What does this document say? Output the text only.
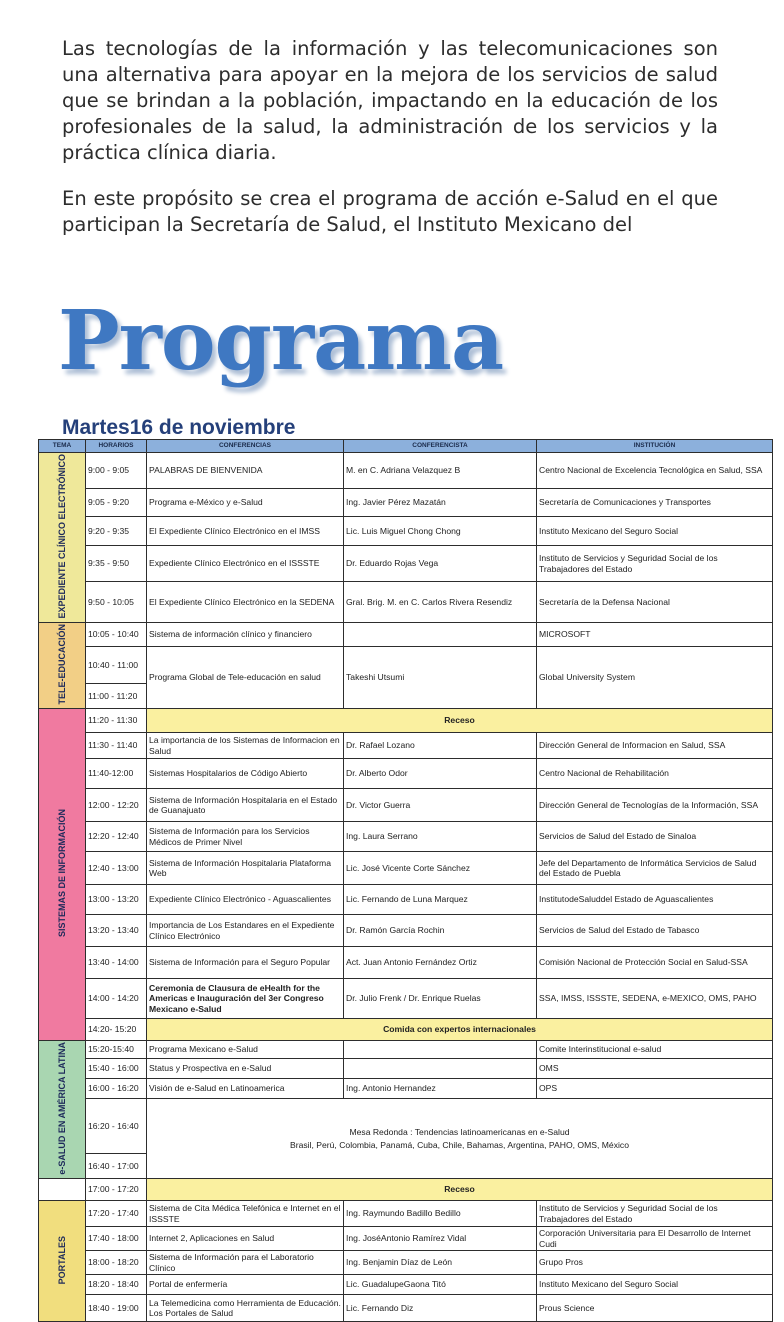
Las tecnologías de la información y las telecomunicaciones son una alternativa para apoyar en la mejora de los servicios de salud que se brindan a la población, impactando en la educación de los profesionales de la salud, la administración de los servicios y la práctica clínica diaria.

En este propósito se crea el programa de acción e-Salud en el que participan la Secretaría de Salud, el Instituto Mexicano del

Programa
Martes16 de noviembre
TEMA	HORARIOS	CONFERENCIAS	CONFERENCISTA	INSTITUCIÓN
EXPEDIENTE CLÍNICO ELECTRÓNICO	9:00 - 9:05	PALABRAS DE BIENVENIDA	M. en C. Adriana Velazquez B	Centro Nacional de Excelencia Tecnológica en Salud, SSA
	9:05 - 9:20	Programa e-México y e-Salud	Ing. Javier Pérez Mazatán	Secretaría de Comunicaciones y Transportes
	9:20 - 9:35	El Expediente Clínico Electrónico en el IMSS	Lic. Luis Miguel Chong Chong	Instituto Mexicano del Seguro Social
	9:35 - 9:50	Expediente Clínico Electrónico en el ISSSTE	Dr. Eduardo Rojas Vega	Instituto de Servicios y Seguridad Social de los Trabajadores del Estado
	9:50 - 10:05	El Expediente Clínico Electrónico en la SEDENA	Gral. Brig. M. en C. Carlos Rivera Resendiz	Secretaría de la Defensa Nacional
TELE-EDUCACIÓN	10:05 - 10:40	Sistema de información clínico y financiero		MICROSOFT
	10:40 - 11:00	Programa Global de Tele-educación en salud	Takeshi Utsumi	Global University System
	11:00 - 11:20			
SISTEMAS DE INFORMACIÓN	11:20 - 11:30	Receso		
	11:30 - 11:40	La importancia de los Sistemas de Informacion en Salud	Dr. Rafael Lozano	Dirección General de Informacion en Salud, SSA
	11:40-12:00	Sistemas Hospitalarios de Código Abierto	Dr. Alberto Odor	Centro Nacional de Rehabilitación
	12:00 - 12:20	Sistema de Información Hospitalaria en el Estado de Guanajuato	Dr. Victor Guerra	Dirección General de Tecnologías de la Información, SSA
	12:20 - 12:40	Sistema de Información para los Servicios Médicos de Primer Nivel	Ing. Laura Serrano	Servicios de Salud del Estado de Sinaloa
	12:40 - 13:00	Sistema de Información Hospitalaria Plataforma Web	Lic. José Vicente Corte Sánchez	Jefe del Departamento de Informática Servicios de Salud del Estado de Puebla
	13:00 - 13:20	Expediente Clínico Electrónico - Aguascalientes	Lic. Fernando de Luna Marquez	InstitutodeSaluddel Estado de Aguascalientes
	13:20 - 13:40	Importancia de Los Estandares en el Expediente Clínico Electrónico	Dr. Ramón García Rochin	Servicios de Salud del Estado de Tabasco
	13:40 - 14:00	Sistema de Información para el Seguro Popular	Act. Juan Antonio Fernández Ortiz	Comisión Nacional de Protección Social en Salud-SSA
	14:00 - 14:20	Ceremonia de Clausura de eHealth for the Americas e Inauguración del 3er Congreso Mexicano e-Salud	Dr. Julio Frenk / Dr. Enrique Ruelas	SSA, IMSS, ISSSTE, SEDENA, e-MEXICO, OMS, PAHO
	14:20- 15:20	Comida con expertos internacionales		
e-SALUD EN AMÉRICA LATINA	15:20-15:40	Programa Mexicano e-Salud		Comite Interinstitucional e-salud
	15:40 - 16:00	Status y Prospectiva en e-Salud		OMS
	16:00 - 16:20	Visión de e-Salud en Latinoamerica	Ing. Antonio Hernandez	OPS
	16:20 - 16:40	Mesa Redonda : Tendencias latinoamericanas en e-Salud
Brasil, Perú, Colombia, Panamá, Cuba, Chile, Bahamas, Argentina, PAHO, OMS, México		

	16:40 - 17:00			
	17:00 - 17:20	Receso		
PORTALES	17:20 - 17:40	Sistema de Cita Médica Telefónica e Internet en el ISSSTE	Ing. Raymundo Badillo Bedillo	Instituto de Servicios y Seguridad Social de los Trabajadores del Estado
	17:40 - 18:00	Internet 2, Aplicaciones en Salud	Ing. JoséAntonio Ramírez Vidal	Corporación Universitaria para El Desarrollo de Internet Cudi
	18:00 - 18:20	Sistema de Información para el Laboratorio Clínico	Ing. Benjamin Díaz de León	Grupo Pros
	18:20 - 18:40	Portal de enfermería	Lic. GuadalupeGaona Titó	Instituto Mexicano del Seguro Social
	18:40 - 19:00	La Telemedicina como Herramienta de Educación. Los Portales de Salud	Lic. Fernando Diz	Prous Science
